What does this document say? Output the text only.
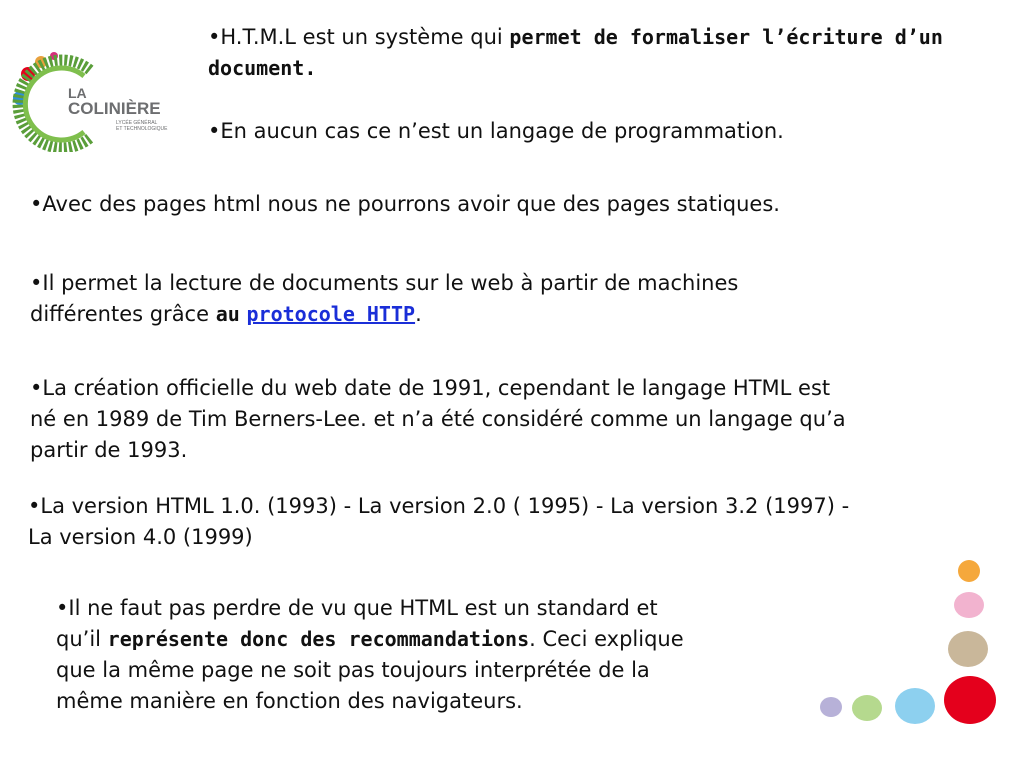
LA
COLINIÈRE
LYCÉE GÉNÉRAL
ET TECHNOLOGIQUE
•H.T.M.L est un système qui permet de formaliser l’écriture d’un
document.
•En aucun cas ce n’est un langage de programmation.
•Avec des pages html nous ne pourrons avoir que des pages statiques.
•Il permet la lecture de documents sur le web à partir de machines
différentes grâce au protocole HTTP.
•La création officielle du web date de 1991, cependant le langage HTML est
né en 1989 de Tim Berners-Lee. et n’a été considéré comme un langage qu’a
partir de 1993.
•La version HTML 1.0. (1993) - La version 2.0 ( 1995) - La version 3.2 (1997) -
La version 4.0 (1999)
•Il ne faut pas perdre de vu que HTML est un standard et
qu’il représente donc des recommandations. Ceci explique
que la même page ne soit pas toujours interprétée de la
même manière en fonction des navigateurs.
